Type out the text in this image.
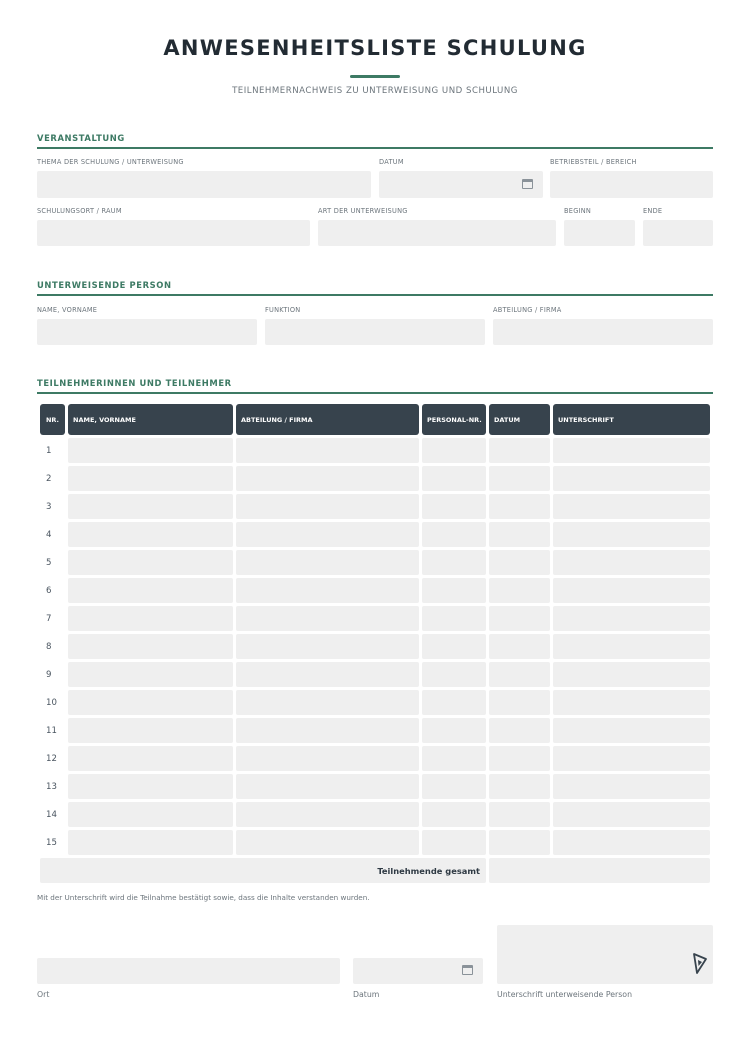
ANWESENHEITSLISTE SCHULUNG
TEILNEHMERNACHWEIS ZU UNTERWEISUNG UND SCHULUNG
VERANSTALTUNG
THEMA DER SCHULUNG / UNTERWEISUNG	DATUM	BETRIEBSTEIL / BEREICH
SCHULUNGSORT / RAUM	ART DER UNTERWEISUNG	BEGINN	ENDE
UNTERWEISENDE PERSON
NAME, VORNAME	FUNKTION	ABTEILUNG / FIRMA
TEILNEHMERINNEN UND TEILNEHMER
NR.	NAME, VORNAME	ABTEILUNG / FIRMA	PERSONAL-NR.	DATUM	UNTERSCHRIFT
1					
2					
3					
4					
5					
6					
7					
8					
9					
10					
11					
12					
13					
14					
15					
Teilnehmende gesamt					
Mit der Unterschrift wird die Teilnahme bestätigt sowie, dass die Inhalte verstanden wurden.
Ort	Datum	Unterschrift unterweisende Person
